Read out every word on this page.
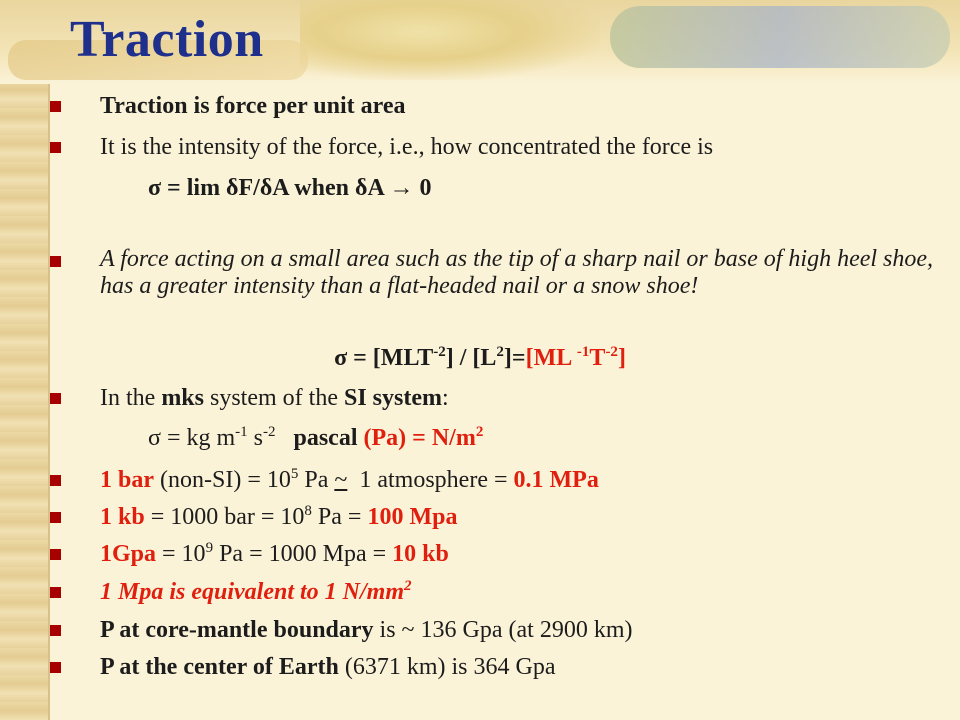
Traction
Traction is force per unit area
It is the intensity of the force, i.e., how concentrated the force is
σ = lim δF/δA when δA → 0
A force acting on a small area such as the tip of a sharp nail or base of high heel shoe, has a greater intensity than a flat-headed nail or a snow shoe!
$\sigma = [MLT^{-2}] / [L^2]=[ML$ $^{-1}T^{-2}$]
In the mks system of the SI system:
σ = kg $m^{-1}$ $s^{-2}$   pascal $(Pa) = N/m^2$
1 bar $(non-SI) = 10^5$ Pa ~  1 atmosphere = 0.1 MPa
1 kb = 1000 bar = $10^8$ Pa = 100 Mpa
$1Gpa = 10^9$ Pa = 1000 Mpa = 10 kb
1 Mpa is equivalent to 1 $N/mm^2$
P at core-mantle boundary is ~ 136 Gpa (at 2900 km)
P at the center of Earth (6371 km) is 364 Gpa
